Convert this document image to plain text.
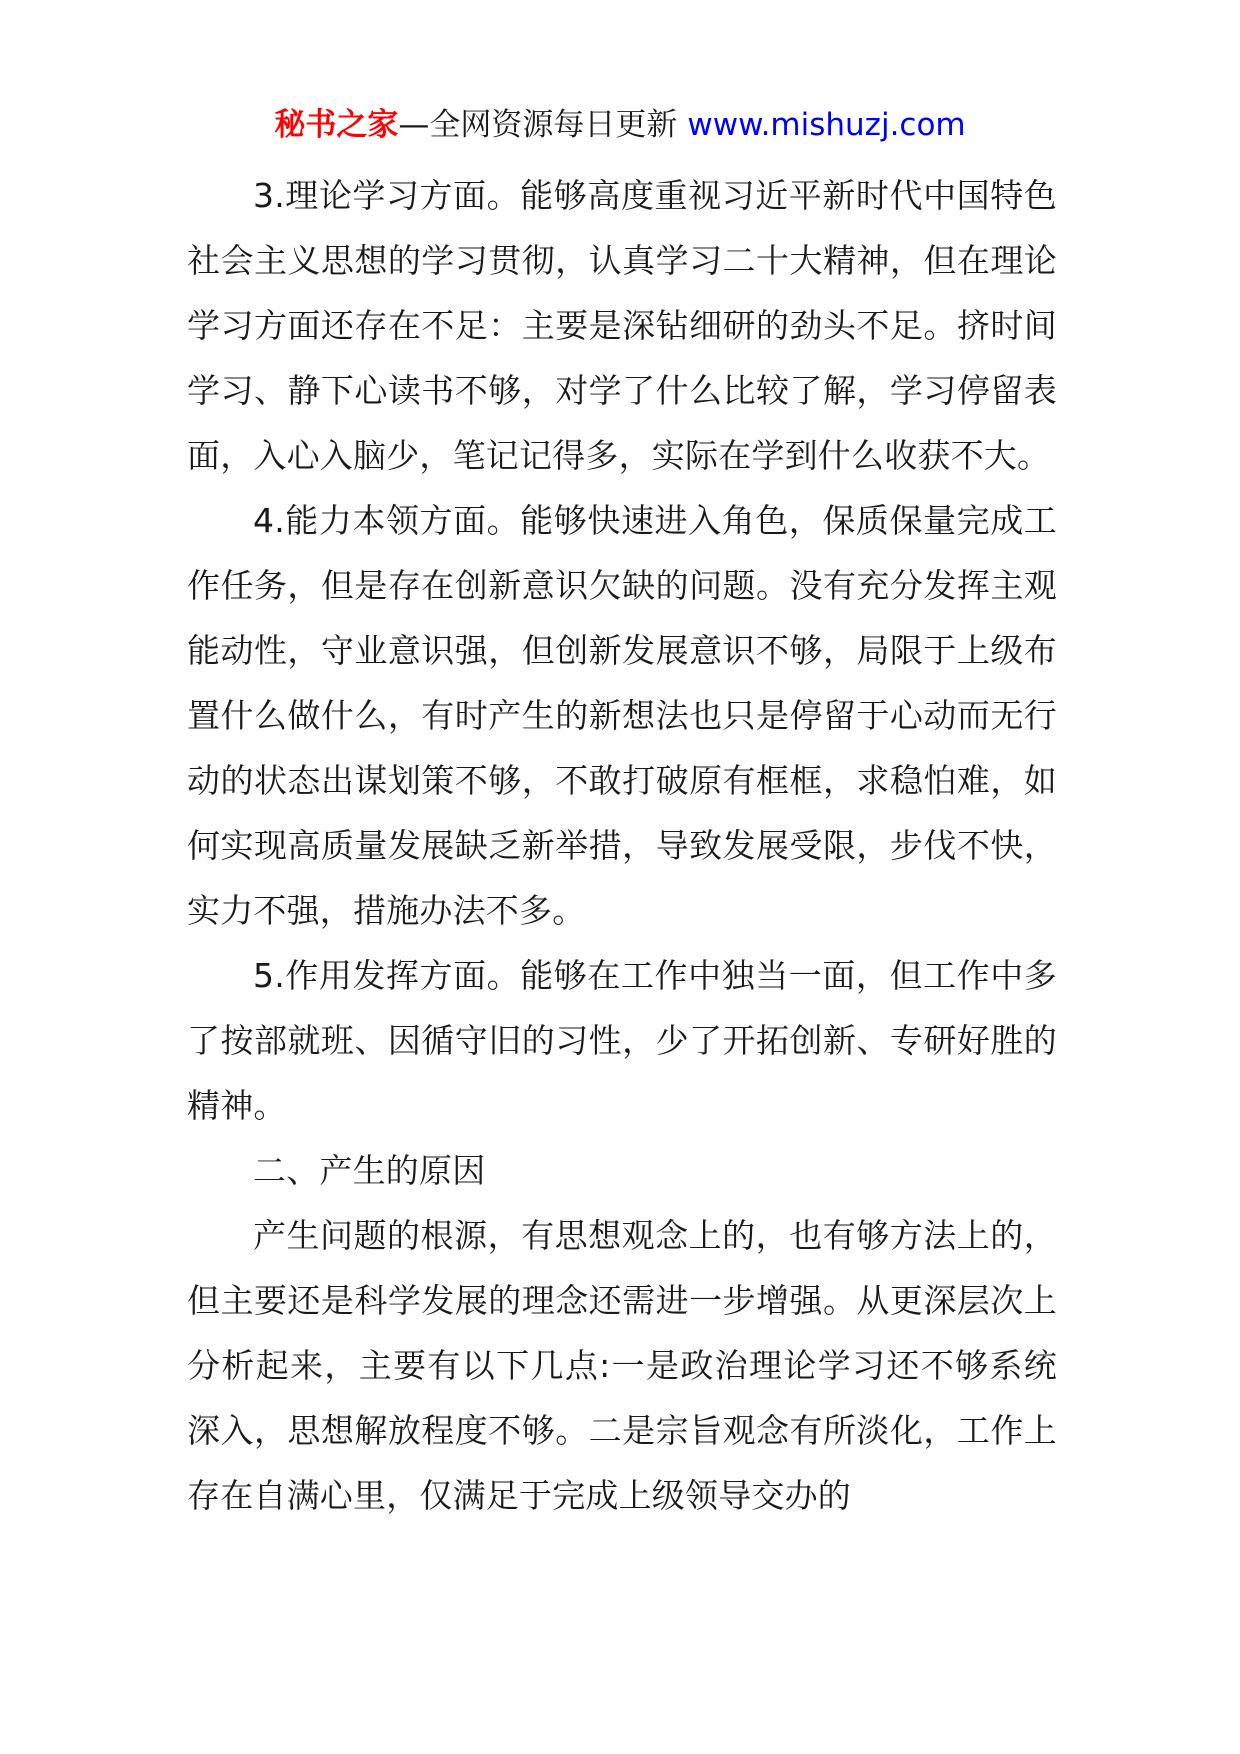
秘书之家—全网资源每日更新 www.mishuzj.com

3.理论学习方面。能够高度重视习近平新时代中国特色社会主义思想的学习贯彻，认真学习二十大精神，但在理论学习方面还存在不足：主要是深钻细研的劲头不足。挤时间学习、静下心读书不够，对学了什么比较了解，学习停留表面，入心入脑少，笔记记得多，实际在学到什么收获不大。

4.能力本领方面。能够快速进入角色，保质保量完成工作任务，但是存在创新意识欠缺的问题。没有充分发挥主观能动性，守业意识强，但创新发展意识不够，局限于上级布置什么做什么，有时产生的新想法也只是停留于心动而无行动的状态出谋划策不够，不敢打破原有框框，求稳怕难，如何实现高质量发展缺乏新举措，导致发展受限，步伐不快，实力不强，措施办法不多。

5.作用发挥方面。能够在工作中独当一面，但工作中多了按部就班、因循守旧的习性，少了开拓创新、专研好胜的精神。

二、产生的原因

产生问题的根源，有思想观念上的，也有够方法上的，但主要还是科学发展的理念还需进一步增强。从更深层次上分析起来，主要有以下几点:一是政治理论学习还不够系统深入，思想解放程度不够。二是宗旨观念有所淡化，工作上存在自满心里，仅满足于完成上级领导交办的
